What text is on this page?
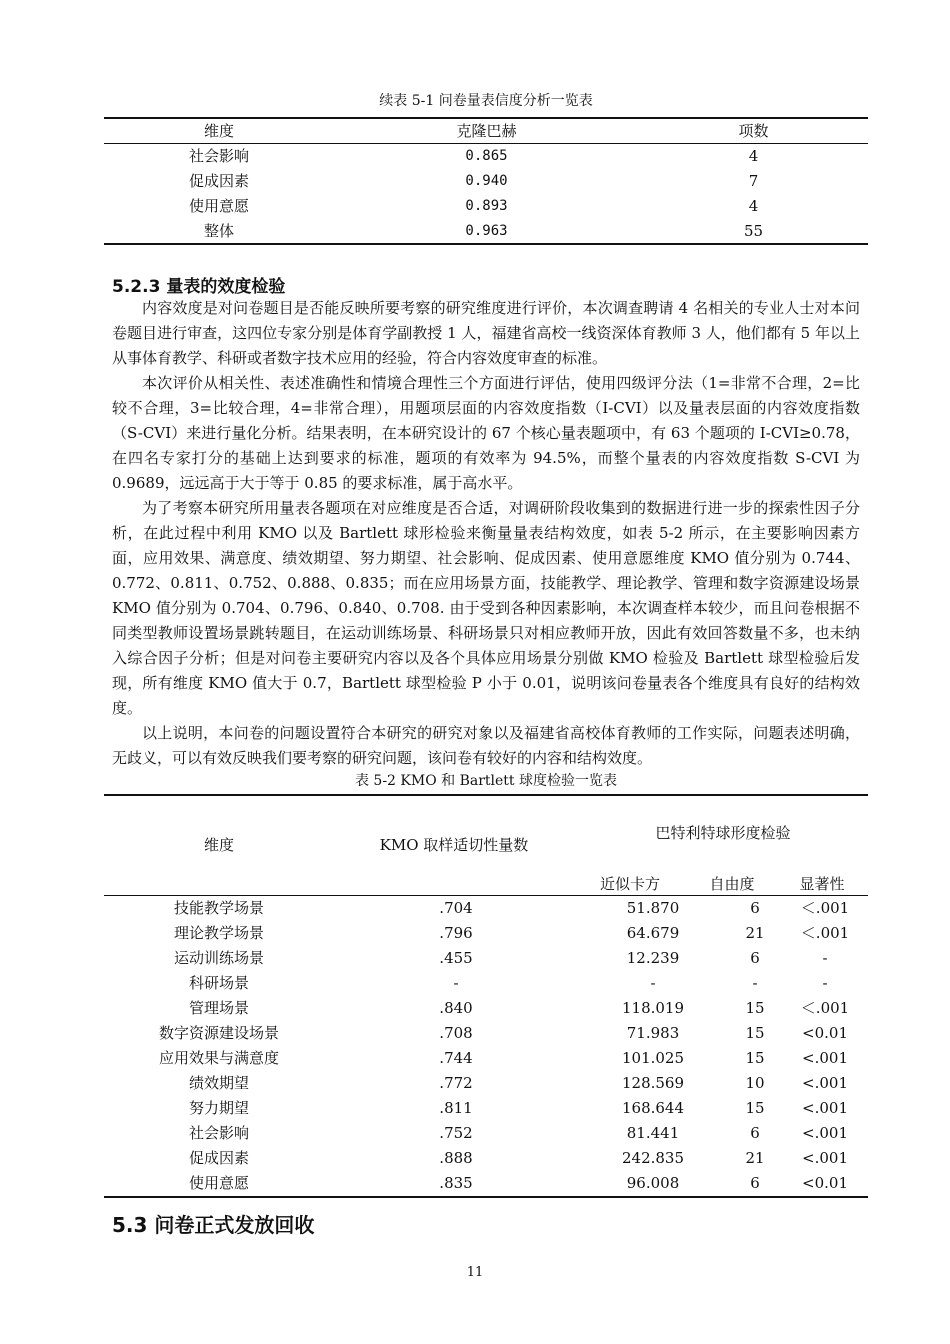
续表 5-1 问卷量表信度分析一览表
维度	克隆巴赫	项数
社会影响	0.865	4
促成因素	0.940	7
使用意愿	0.893	4
整体	0.963	55
5.2.3 量表的效度检验

内容效度是对问卷题目是否能反映所要考察的研究维度进行评价，本次调查聘请 4 名相关的专业人士对本问卷题目进行审查，这四位专家分别是体育学副教授 1 人，福建省高校一线资深体育教师 3 人，他们都有 5 年以上从事体育教学、科研或者数字技术应用的经验，符合内容效度审查的标准。

本次评价从相关性、表述准确性和情境合理性三个方面进行评估，使用四级评分法（1=非常不合理，2=比较不合理，3=比较合理，4=非常合理），用题项层面的内容效度指数（I-CVI）以及量表层面的内容效度指数（S-CVI）来进行量化分析。结果表明，在本研究设计的 67 个核心量表题项中，有 63 个题项的 I-CVI≥0.78，在四名专家打分的基础上达到要求的标准，题项的有效率为 94.5%，而整个量表的内容效度指数 S-CVI 为 0.9689，远远高于大于等于 0.85 的要求标准，属于高水平。

为了考察本研究所用量表各题项在对应维度是否合适，对调研阶段收集到的数据进行进一步的探索性因子分析，在此过程中利用 KMO 以及 Bartlett 球形检验来衡量量表结构效度，如表 5-2 所示，在主要影响因素方面，应用效果、满意度、绩效期望、努力期望、社会影响、促成因素、使用意愿维度 KMO 值分别为 0.744、0.772、0.811、0.752、0.888、0.835；而在应用场景方面，技能教学、理论教学、管理和数字资源建设场景 KMO 值分别为 0.704、0.796、0.840、0.708. 由于受到各种因素影响，本次调查样本较少，而且问卷根据不同类型教师设置场景跳转题目，在运动训练场景、科研场景只对相应教师开放，因此有效回答数量不多，也未纳入综合因子分析；但是对问卷主要研究内容以及各个具体应用场景分别做 KMO 检验及 Bartlett 球型检验后发现，所有维度 KMO 值大于 0.7，Bartlett 球型检验 P 小于 0.01，说明该问卷量表各个维度具有良好的结构效度。

以上说明，本问卷的问题设置符合本研究的研究对象以及福建省高校体育教师的工作实际，问题表述明确，无歧义，可以有效反映我们要考察的研究问题，该问卷有较好的内容和结构效度。

表 5-2 KMO 和 Bartlett 球度检验一览表
维度	KMO 取样适切性量数
巴特利特球形度检验
近似卡方	自由度	显著性
技能教学场景	.704	51.870	6	＜.001
理论教学场景	.796	64.679	21	＜.001
运动训练场景	.455	12.239	6	-
科研场景	-	-	-	-
管理场景	.840	118.019	15	＜.001
数字资源建设场景	.708	71.983	15	<0.01
应用效果与满意度	.744	101.025	15	<.001
绩效期望	.772	128.569	10	<.001
努力期望	.811	168.644	15	<.001
社会影响	.752	81.441	6	<.001
促成因素	.888	242.835	21	<.001
使用意愿	.835	96.008	6	<0.01
5.3 问卷正式发放回收
11
